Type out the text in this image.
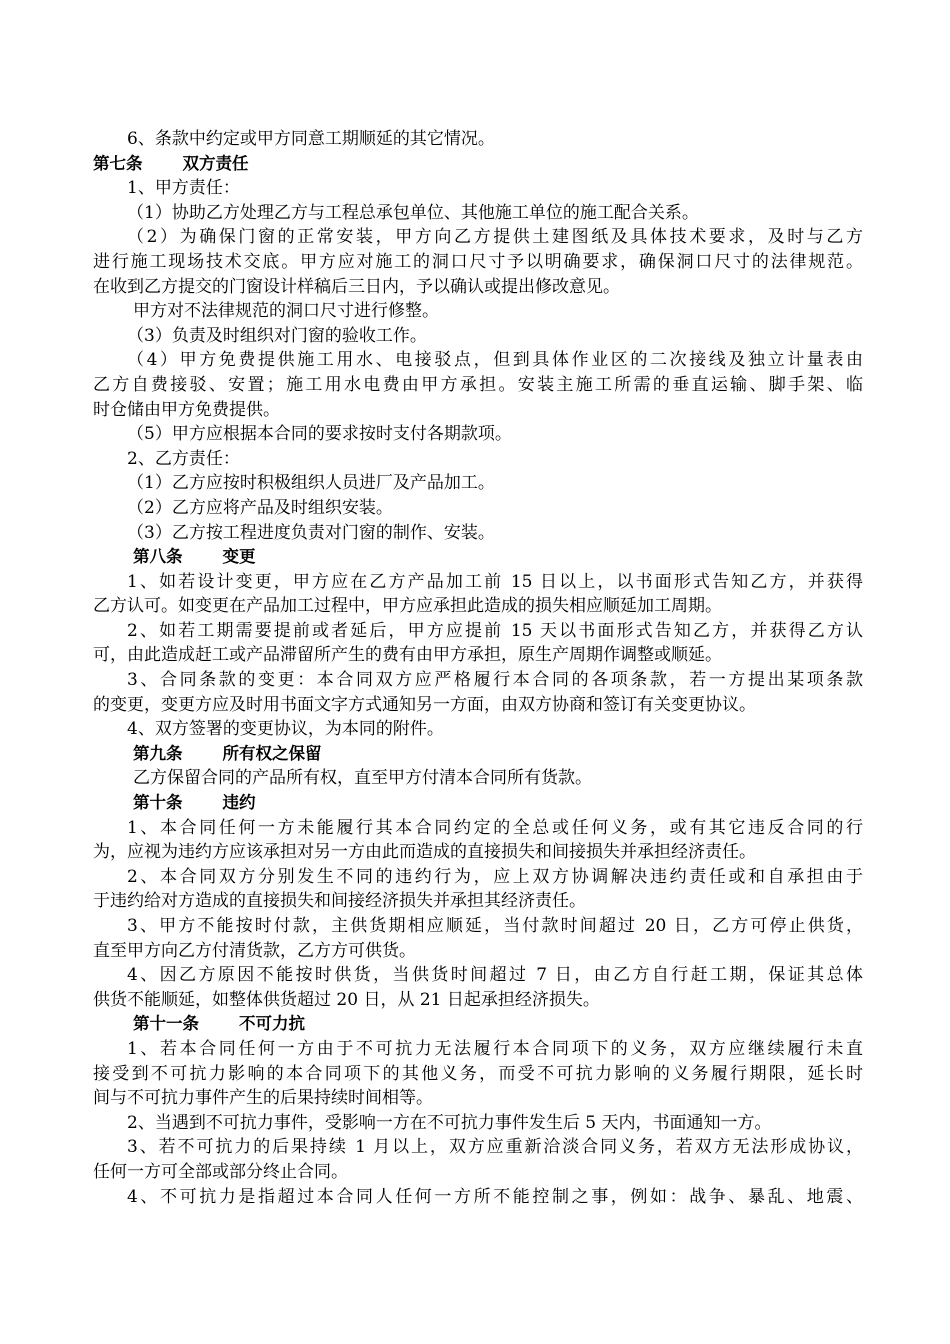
6、条款中约定或甲方同意工期顺延的其它情况。
第七条 双方责任
1、甲方责任：
（1）协助乙方处理乙方与工程总承包单位、其他施工单位的施工配合关系。
（2）为确保门窗的正常安装，甲方向乙方提供土建图纸及具体技术要求，及时与乙方
进行施工现场技术交底。甲方应对施工的洞口尺寸予以明确要求，确保洞口尺寸的法律规范。
在收到乙方提交的门窗设计样稿后三日内，予以确认或提出修改意见。
甲方对不法律规范的洞口尺寸进行修整。
（3）负责及时组织对门窗的验收工作。
（4）甲方免费提供施工用水、电接驳点，但到具体作业区的二次接线及独立计量表由
乙方自费接驳、安置；施工用水电费由甲方承担。安装主施工所需的垂直运输、脚手架、临
时仓储由甲方免费提供。
（5）甲方应根据本合同的要求按时支付各期款项。
2、乙方责任：
（1）乙方应按时积极组织人员进厂及产品加工。
（2）乙方应将产品及时组织安装。
（3）乙方按工程进度负责对门窗的制作、安装。
第八条 变更
1、如若设计变更，甲方应在乙方产品加工前 15 日以上，以书面形式告知乙方，并获得
乙方认可。如变更在产品加工过程中，甲方应承担此造成的损失相应顺延加工周期。
2、如若工期需要提前或者延后，甲方应提前 15 天以书面形式告知乙方，并获得乙方认
可，由此造成赶工或产品滞留所产生的费有由甲方承担，原生产周期作调整或顺延。
3、合同条款的变更：本合同双方应严格履行本合同的各项条款，若一方提出某项条款
的变更，变更方应及时用书面文字方式通知另一方面，由双方协商和签订有关变更协议。
4、双方签署的变更协议，为本同的附件。
第九条 所有权之保留
乙方保留合同的产品所有权，直至甲方付清本合同所有货款。
第十条 违约
1、本合同任何一方未能履行其本合同约定的全总或任何义务，或有其它违反合同的行
为，应视为违约方应该承担对另一方由此而造成的直接损失和间接损失并承担经济责任。
2、本合同双方分别发生不同的违约行为，应上双方协调解决违约责任或和自承担由于
于违约给对方造成的直接损失和间接经济损失并承担其经济责任。
3、甲方不能按时付款，主供货期相应顺延，当付款时间超过 20 日，乙方可停止供货，
直至甲方向乙方付清货款，乙方方可供货。
4、因乙方原因不能按时供货，当供货时间超过 7 日，由乙方自行赶工期，保证其总体
供货不能顺延，如整体供货超过 20 日，从 21 日起承担经济损失。
第十一条 不可力抗
1、若本合同任何一方由于不可抗力无法履行本合同项下的义务，双方应继续履行未直
接受到不可抗力影响的本合同项下的其他义务，而受不可抗力影响的义务履行期限，延长时
间与不可抗力事件产生的后果持续时间相等。
2、当遇到不可抗力事件，受影响一方在不可抗力事件发生后 5 天内，书面通知一方。
3、若不可抗力的后果持续 1 月以上，双方应重新洽淡合同义务，若双方无法形成协议，
任何一方可全部或部分终止合同。
4、不可抗力是指超过本合同人任何一方所不能控制之事，例如：战争、暴乱、地震、
